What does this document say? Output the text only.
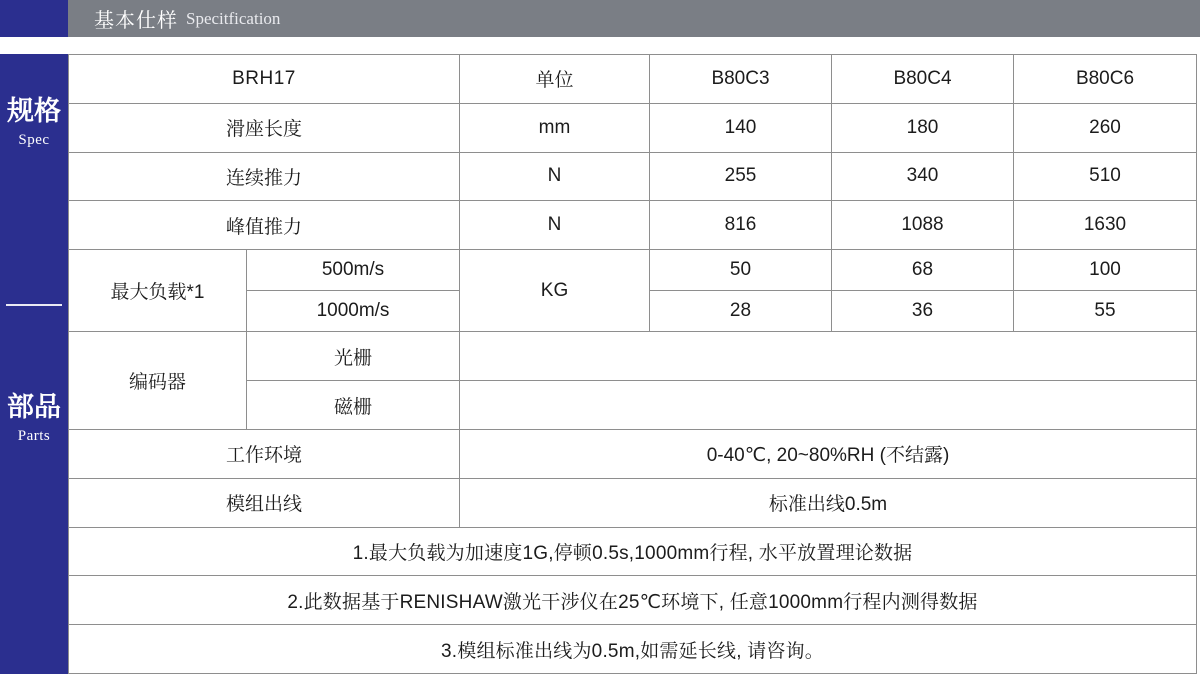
基本仕样 Specitfication
规格
Spec
部品
Parts
BRH17		单位	B80C3	B80C4	B80C6
滑座长度		mm	140	180	260
连续推力		N	255	340	510
峰值推力		N	816	1088	1630
最大负载*1	500m/s	KG	50	68	100
	1000m/s		28	36	55
编码器	光栅				
	磁栅				
工作环境		0-40℃, 20~80%RH (不结露)			
模组出线		标准出线0.5m			
1.最大负载为加速度1G,停顿0.5s,1000mm行程, 水平放置理论数据					
2.此数据基于RENISHAW激光干涉仪在25℃环境下, 任意1000mm行程内测得数据					
3.模组标准出线为0.5m,如需延长线, 请咨询。					
